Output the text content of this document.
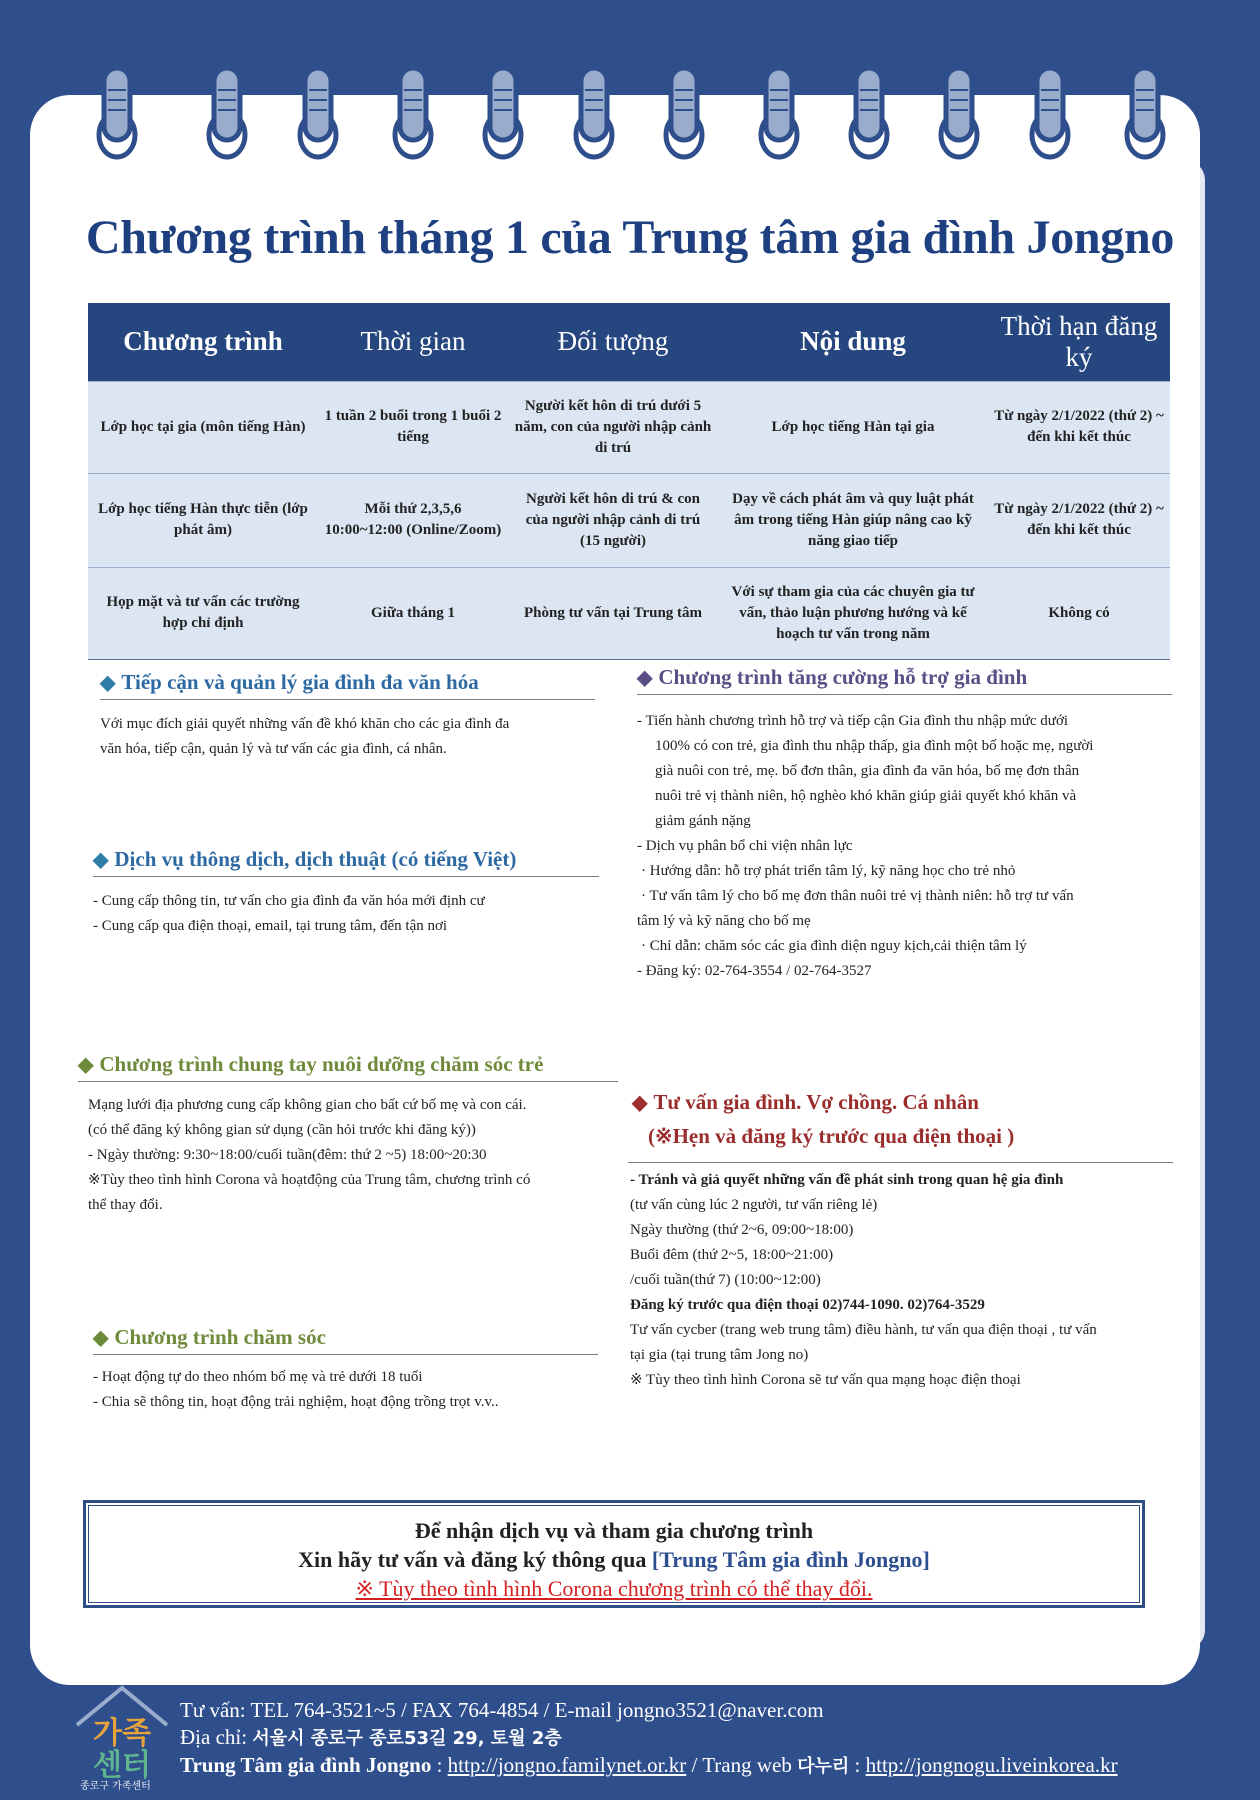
Chương trình tháng 1 của Trung tâm gia đình Jongno
Chương trình	Thời gian	Đối tượng	Nội dung	Thời hạn đăng ký
Lớp học tại gia (môn tiếng Hàn)	1 tuần 2 buổi trong 1 buổi 2 tiếng	Người kết hôn di trú dưới 5 năm, con của người nhập cảnh di trú	Lớp học tiếng Hàn tại gia	Từ ngày 2/1/2022 (thứ 2) ~ đến khi kết thúc
Lớp học tiếng Hàn thực tiễn (lớp phát âm)	Mỗi thứ 2,3,5,6 10:00~12:00 (Online/Zoom)	Người kết hôn di trú & con của người nhập cảnh di trú (15 người)	Dạy về cách phát âm và quy luật phát âm trong tiếng Hàn giúp nâng cao kỹ năng giao tiếp	Từ ngày 2/1/2022 (thứ 2) ~ đến khi kết thúc
Họp mặt và tư vấn các trường hợp chỉ định	Giữa tháng 1	Phòng tư vấn tại Trung tâm	Với sự tham gia của các chuyên gia tư vấn, thảo luận phương hướng và kế hoạch tư vấn trong năm	Không có
◆ Tiếp cận và quản lý gia đình đa văn hóa

Với mục đích giải quyết những vấn đề khó khăn cho các gia đình đa

văn hóa, tiếp cận, quản lý và tư vấn các gia đình, cá nhân.

◆ Dịch vụ thông dịch, dịch thuật (có tiếng Việt)

- Cung cấp thông tin, tư vấn cho gia đình đa văn hóa mới định cư

- Cung cấp qua điện thoại, email, tại trung tâm, đến tận nơi

◆ Chương trình chung tay nuôi dưỡng chăm sóc trẻ

Mạng lưới địa phương cung cấp không gian cho bất cứ bố mẹ và con cái.

(có thể đăng ký không gian sử dụng (cần hỏi trước khi đăng ký))

- Ngày thường: 9:30~18:00/cuối tuần(đêm: thứ 2 ~5) 18:00~20:30

※Tùy theo tình hình Corona và hoạtđộng của Trung tâm, chương trình có

thể thay đổi.

◆ Chương trình chăm sóc

- Hoạt động tự do theo nhóm bố mẹ và trẻ dưới 18 tuổi

- Chia sẽ thông tin, hoạt động trải nghiệm, hoạt động trồng trọt v.v..

◆ Chương trình tăng cường hỗ trợ gia đình

- Tiến hành chương trình hỗ trợ và tiếp cận Gia đình thu nhập mức dưới

100% có con trẻ, gia đình thu nhập thấp, gia đình một bố hoặc mẹ, người

già nuôi con trẻ, mẹ. bố đơn thân, gia đình đa văn hóa, bố mẹ đơn thân

nuôi trẻ vị thành niên, hộ nghèo khó khăn giúp giải quyết khó khăn và

giảm gánh nặng

- Dịch vụ phân bổ chi viện nhân lực

· Hướng dẫn: hỗ trợ phát triển tâm lý, kỹ năng học cho trẻ nhỏ

· Tư vấn tâm lý cho bố mẹ đơn thân nuôi trẻ vị thành niên: hỗ trợ tư vấn

tâm lý và kỹ năng cho bố mẹ

· Chỉ dẫn: chăm sóc các gia đình diện nguy kịch,cải thiện tâm lý

- Đăng ký: 02-764-3554 / 02-764-3527

◆ Tư vấn gia đình. Vợ chồng. Cá nhân
(※Hẹn và đăng ký trước qua điện thoại )

- Tránh và giả quyết những vấn đề phát sinh trong quan hệ gia đình

(tư vấn cùng lúc 2 người, tư vấn riêng lẻ)

Ngày thường (thứ 2~6, 09:00~18:00)

Buổi đêm (thứ 2~5, 18:00~21:00)

/cuối tuần(thứ 7) (10:00~12:00)

Đăng ký trước qua điện thoại 02)744-1090. 02)764-3529

Tư vấn cycber (trang web trung tâm) điều hành, tư vấn qua điện thoại , tư vấn

tại gia (tại trung tâm Jong no)

※ Tùy theo tình hình Corona sẽ tư vấn qua mạng hoạc điện thoại

Để nhận dịch vụ và tham gia chương trình
Xin hãy tư vấn và đăng ký thông qua [Trung Tâm gia đình Jongno]
※ Tùy theo tình hình Corona chương trình có thể thay đổi.
가족
센터
종로구 가족센터
Tư vấn: TEL 764-3521~5 / FAX 764-4854 / E-mail jongno3521@naver.com
Địa chỉ: 서울시 종로구 종로53길 29, 토월 2층
Trung Tâm gia đình Jongno : http://jongno.familynet.or.kr / Trang web 다누리 : http://jongnogu.liveinkorea.kr
